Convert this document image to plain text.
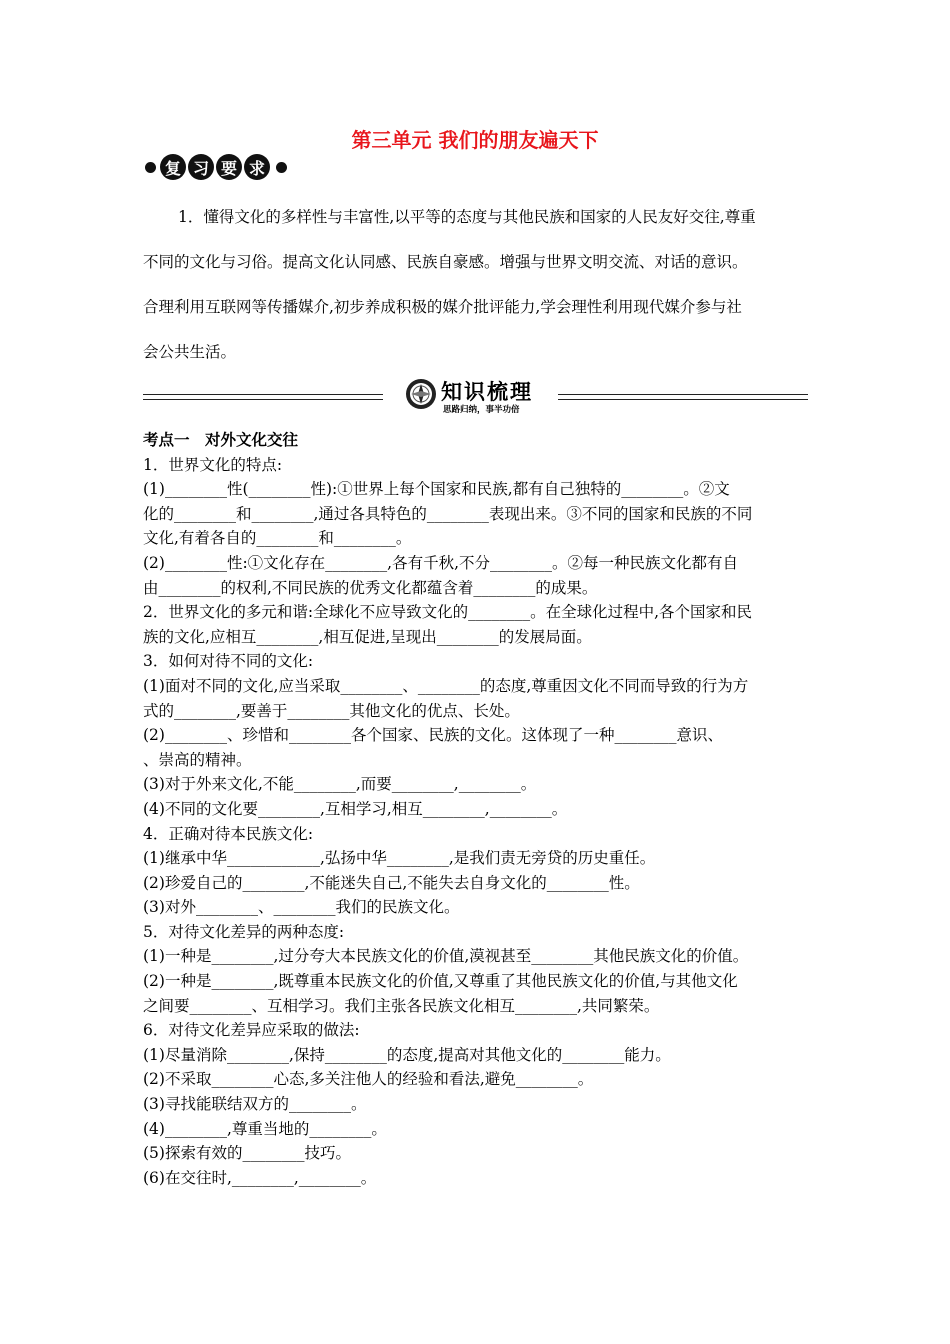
第三单元 我们的朋友遍天下
复 习 要 求
1．懂得文化的多样性与丰富性,以平等的态度与其他民族和国家的人民友好交往,尊重
不同的文化与习俗。提高文化认同感、民族自豪感。增强与世界文明交流、对话的意识。
合理利用互联网等传播媒介,初步养成积极的媒介批评能力,学会理性利用现代媒介参与社
会公共生活。
知识梳理
思路归纳，事半功倍
考点一　对外文化交往
1．世界文化的特点:
(1)________性(________性):①世界上每个国家和民族,都有自己独特的________。②文
化的________和________,通过各具特色的________表现出来。③不同的国家和民族的不同
文化,有着各自的________和________。
(2)________性:①文化存在________,各有千秋,不分________。②每一种民族文化都有自
由________的权利,不同民族的优秀文化都蕴含着________的成果。
2．世界文化的多元和谐:全球化不应导致文化的________。在全球化过程中,各个国家和民
族的文化,应相互________,相互促进,呈现出________的发展局面。
3．如何对待不同的文化:
(1)面对不同的文化,应当采取________、________的态度,尊重因文化不同而导致的行为方
式的________,要善于________其他文化的优点、长处。
(2)________、珍惜和________各个国家、民族的文化。这体现了一种________意识、
、崇高的精神。
(3)对于外来文化,不能________,而要________,________。
(4)不同的文化要________,互相学习,相互________,________。
4．正确对待本民族文化:
(1)继承中华____________,弘扬中华________,是我们责无旁贷的历史重任。
(2)珍爱自己的________,不能迷失自己,不能失去自身文化的________性。
(3)对外________、________我们的民族文化。
5．对待文化差异的两种态度:
(1)一种是________,过分夸大本民族文化的价值,漠视甚至________其他民族文化的价值。
(2)一种是________,既尊重本民族文化的价值,又尊重了其他民族文化的价值,与其他文化
之间要________、互相学习。我们主张各民族文化相互________,共同繁荣。
6．对待文化差异应采取的做法:
(1)尽量消除________,保持________的态度,提高对其他文化的________能力。
(2)不采取________心态,多关注他人的经验和看法,避免________。
(3)寻找能联结双方的________。
(4)________,尊重当地的________。
(5)探索有效的________技巧。
(6)在交往时,________,________。
